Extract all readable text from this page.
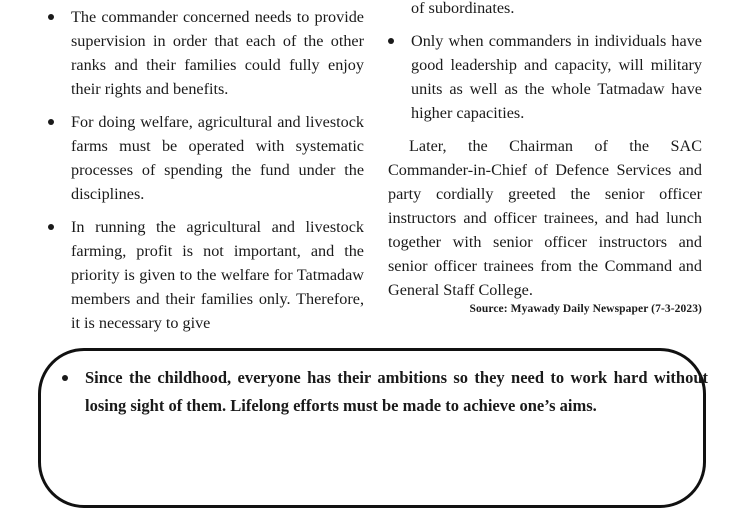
The commander concerned needs to provide supervision in order that each of the other ranks and their families could fully enjoy their rights and benefits.
For doing welfare, agricultural and livestock farms must be operated with systematic processes of spending the fund under the disciplines.
In running the agricultural and livestock farming, profit is not important, and the priority is given to the welfare for Tatmadaw members and their families only. Therefore, it is necessary to give

of subordinates.

Only when commanders in individuals have good leadership and capacity, will military units as well as the whole Tatmadaw have higher capacities.

Later, the Chairman of the SAC Commander-in-Chief of Defence Services and party cordially greeted the senior officer instructors and officer trainees, and had lunch together with senior officer instructors and senior officer trainees from the Command and General Staff College.

Source: Myawady Daily Newspaper (7-3-2023)
Since the childhood, everyone has their ambitions so they need to work hard without losing sight of them. Lifelong efforts must be made to achieve one’s aims.
